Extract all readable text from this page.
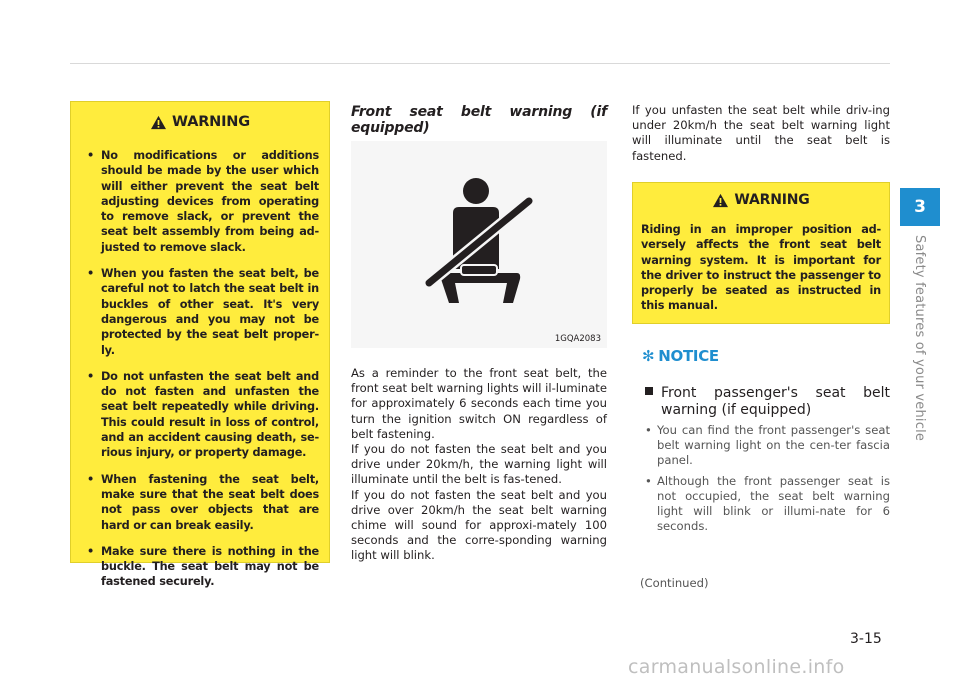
WARNING
• No modifications or additions should be made by the user which will either prevent the seat belt adjusting devices from operating to remove slack, or prevent the seat belt assembly from being ad-justed to remove slack.
• When you fasten the seat belt, be careful not to latch the seat belt in buckles of other seat. It's very dangerous and you may not be protected by the seat belt proper-ly.
• Do not unfasten the seat belt and do not fasten and unfasten the seat belt repeatedly while driving. This could result in loss of control, and an accident causing death, se-rious injury, or property damage.
• When fastening the seat belt, make sure that the seat belt does not pass over objects that are hard or can break easily.
• Make sure there is nothing in the buckle. The seat belt may not be fastened securely.
Front seat belt warning (if
equipped)
1GQA2083

As a reminder to the front seat belt, the front seat belt warning lights will il-luminate for approximately 6 seconds each time you turn the ignition switch ON regardless of belt fastening.

If you do not fasten the seat belt and you drive under 20km/h, the warning light will illuminate until the belt is fas-tened.

If you do not fasten the seat belt and you drive over 20km/h the seat belt warning chime will sound for approxi-mately 100 seconds and the corre-sponding warning light will blink.

If you unfasten the seat belt while driv-ing under 20km/h the seat belt warning light will illuminate until the seat belt is fastened.
WARNING
Riding in an improper position ad-versely affects the front seat belt warning system. It is important for the driver to instruct the passenger to properly be seated as instructed in this manual.
✻ NOTICE
Front passenger's seat belt
warning (if equipped)
• You can find the front passenger's seat belt warning light on the cen-ter fascia panel.
• Although the front passenger seat is not occupied, the seat belt warning light will blink or illumi-nate for 6 seconds.
(Continued)
3
Safety features of your vehicle
3-15
carmanualsonline.info
